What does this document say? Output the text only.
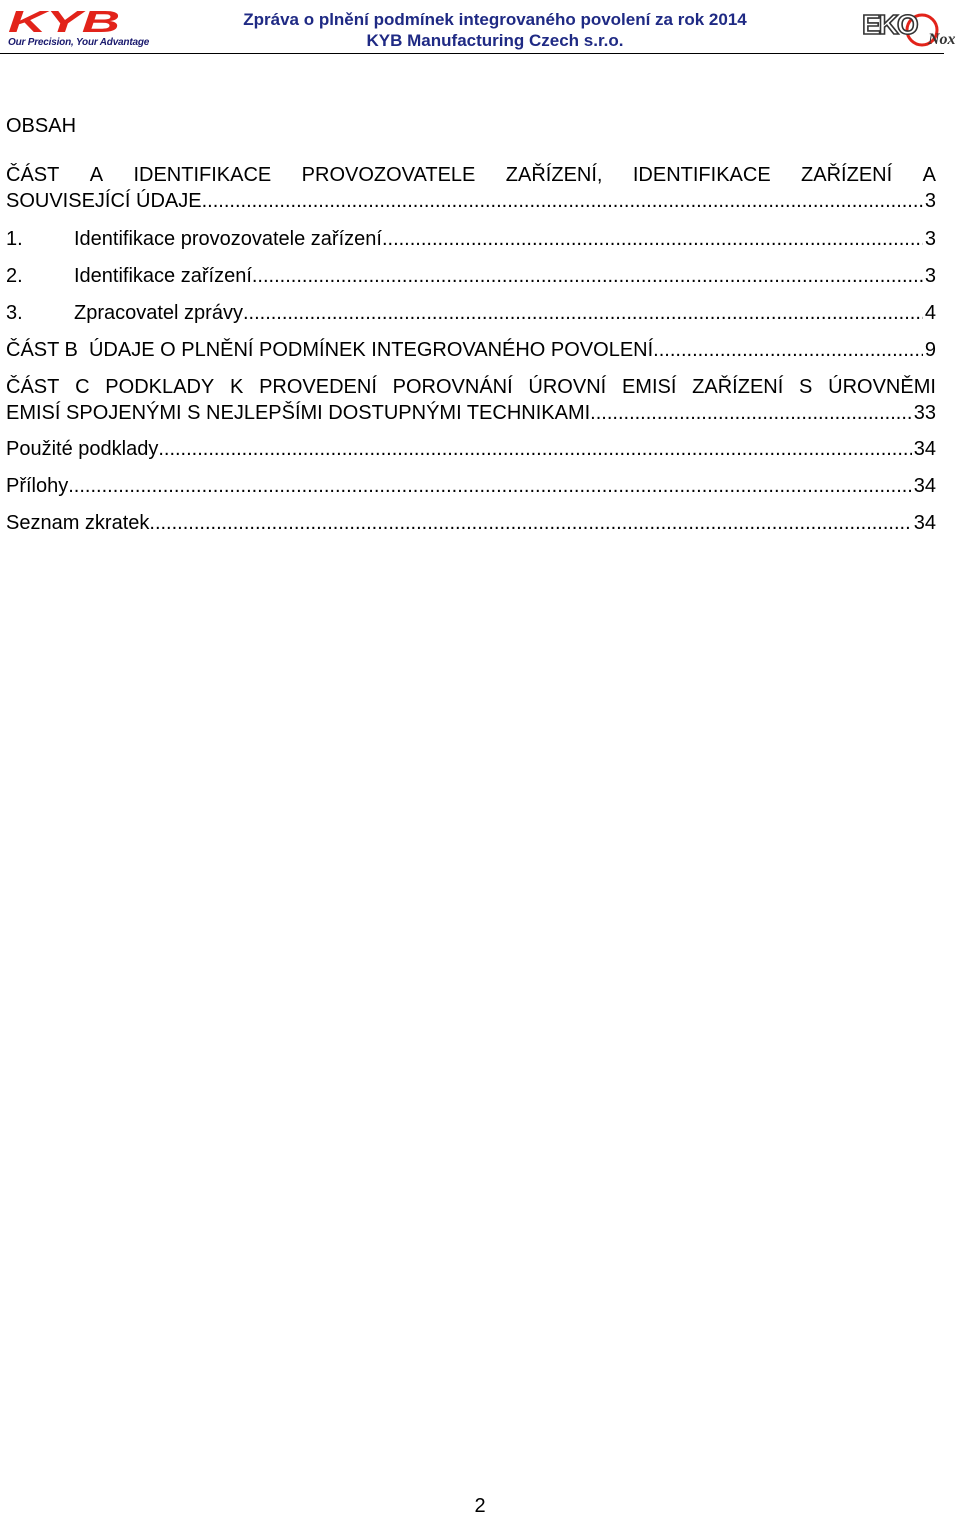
KYB
Our Precision, Your Advantage
Zpráva o plnění podmínek integrovaného povolení za rok 2014
KYB Manufacturing Czech s.r.o.
EKO Nox
OBSAH
ČÁST A IDENTIFIKACE PROVOZOVATELE ZAŘÍZENÍ, IDENTIFIKACE ZAŘÍZENÍ A
SOUVISEJÍCÍ ÚDAJE .....	3
1.	Identifikace provozovatele zařízení .....	3
2.	Identifikace zařízení .....	3
3.	Zpracovatel zprávy .....	4
ČÁST B  ÚDAJE O PLNĚNÍ PODMÍNEK INTEGROVANÉHO POVOLENÍ .....	9
ČÁST C PODKLADY K PROVEDENÍ POROVNÁNÍ ÚROVNÍ EMISÍ ZAŘÍZENÍ S ÚROVNĚMI
EMISÍ SPOJENÝMI S NEJLEPŠÍMI DOSTUPNÝMI TECHNIKAMI .....	33
Použité podklady .....	34
Přílohy .....	34
Seznam zkratek .....	34
2
